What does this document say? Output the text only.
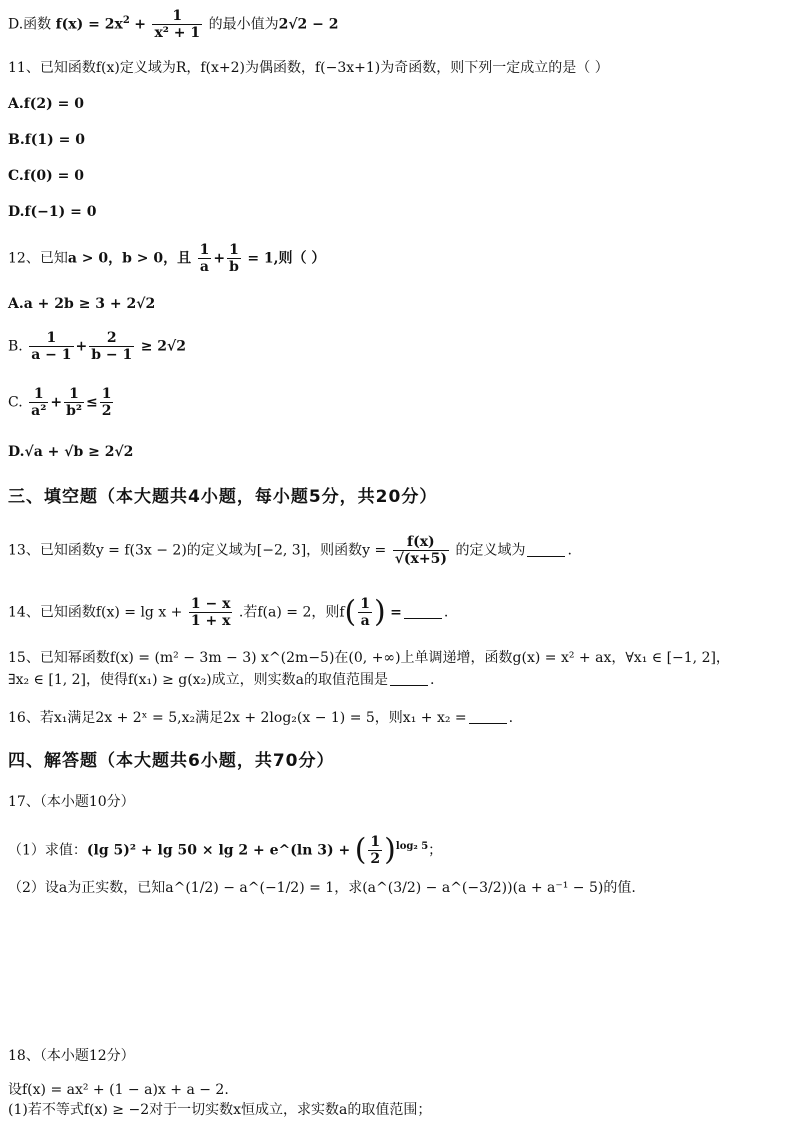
D.函数 $f(x) = 2x^2 + \frac{1}{\text{x² + 1}}$ 的最小值为2√2 − 2
11、已知函数f(x)定义域为R，f(x+2)为偶函数，f(−3x+1)为奇函数，则下列一定成立的是（ ）
A.f(2) = 0
B.f(1) = 0
C.f(0) = 0
D.f(−1) = 0
12、已知a > 0，b > 0，且 $\frac{1}{a} + \frac{1}{b} = 1$,则（ ）
A.a + 2b ≥ 3 + 2√2
B. $\frac{1}{a - 1} + \frac{2}{b - 1} \ge 2√2$
C. $\frac{1}{\text{a²}} + \frac{1}{\text{b²}} \le \frac{1}{2}$
D.√a + √b ≥ 2√2
三、填空题（本大题共4小题，每小题5分，共20分）
13、已知函数y = f(3x − 2)的定义域为[−2, 3]，则函数$y = \frac{f(x)}{√(x+5)}$ 的定义域为	.
14、已知函数$f(x) = \lg x + \frac{1 - x}{1 + x}$ .若f(a) = 2，则$f( \frac{1}{a}$ ) =	.
15、已知幂函数f(x) = (m² − 3m − 3) x^(2m−5)在(0, +∞)上单调递增，函数g(x) = x² + ax，∀x₁ ∈ [−1, 2]，
∃x₂ ∈ [1, 2]，使得f(x₁) ≥ g(x₂)成立，则实数a的取值范围是	.
16、若x₁满足2x + 2ˣ = 5,x₂满足2x + 2log₂(x − 1) = 5，则x₁ + x₂ =	.
四、解答题（本大题共6小题，共70分）
17、（本小题10分）
（1）求值：(lg 5)² + lg 50 × lg 2 + e^(ln 3) + ( $\frac{1}{2} )^{log_2 5}$；
（2）设a为正实数，已知a^(1/2) − a^(−1/2) = 1，求(a^(3/2) − a^(−3/2))(a + a⁻¹ − 5)的值.
18、（本小题12分）
设f(x) = ax² + (1 − a)x + a − 2.
(1)若不等式f(x) ≥ −2对于一切实数x恒成立，求实数a的取值范围；
